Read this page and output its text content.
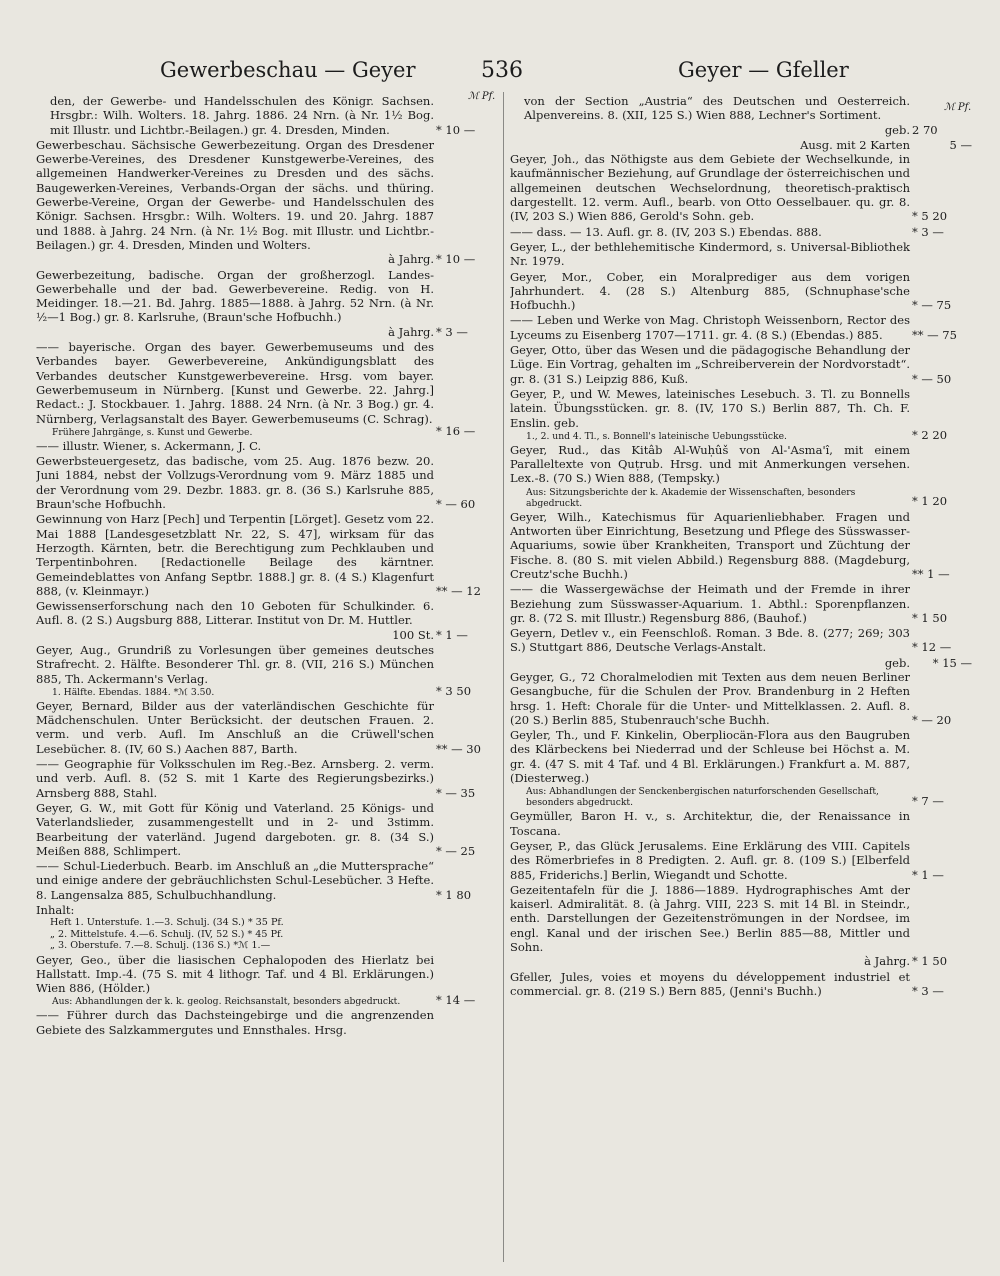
Gewerbeschau — Geyer	536	Geyer — Gfeller
ℳ Pf.
ℳ Pf.
den, der Gewerbe- und Handelsschulen des Königr. Sachsen. Hrsgbr.: Wilh. Wolters. 18. Jahrg. 1886. 24 Nrn. (à Nr. 1½ Bog. mit Illustr. und Lichtbr.-Beilagen.) gr. 4. Dresden, Minden.	* 10 —
Gewerbeschau. Sächsische Gewerbezeitung. Organ des Dresdener Gewerbe-Vereines, des Dresdener Kunstgewerbe-Vereines, des allgemeinen Handwerker-Vereines zu Dresden und des sächs. Baugewerken-Vereines, Verbands-Organ der sächs. und thüring. Gewerbe-Vereine, Organ der Gewerbe- und Handelsschulen des Königr. Sachsen. Hrsgbr.: Wilh. Wolters. 19. und 20. Jahrg. 1887 und 1888. à Jahrg. 24 Nrn. (à Nr. 1½ Bog. mit Illustr. und Lichtbr.-Beilagen.) gr. 4. Dresden, Minden und Wolters.
à Jahrg. * 10 —
Gewerbezeitung, badische. Organ der großherzogl. Landes-Gewerbehalle und der bad. Gewerbevereine. Redig. von H. Meidinger. 18.—21. Bd. Jahrg. 1885—1888. à Jahrg. 52 Nrn. (à Nr. ½—1 Bog.) gr. 8. Karlsruhe, (Braun'sche Hofbuchh.)
à Jahrg. * 3 —
—— bayerische. Organ des bayer. Gewerbemuseums und des Verbandes bayer. Gewerbevereine, Ankündigungsblatt des Verbandes deutscher Kunstgewerbevereine. Hrsg. vom bayer. Gewerbemuseum in Nürnberg. [Kunst und Gewerbe. 22. Jahrg.] Redact.: J. Stockbauer. 1. Jahrg. 1888. 24 Nrn. (à Nr. 3 Bog.) gr. 4. Nürnberg, Verlagsanstalt des Bayer. Gewerbemuseums (C. Schrag).
Frühere Jahrgänge, s. Kunst und Gewerbe.	* 16 —
—— illustr. Wiener, s. Ackermann, J. C.
Gewerbsteuergesetz, das badische, vom 25. Aug. 1876 bezw. 20. Juni 1884, nebst der Vollzugs-Verordnung vom 9. März 1885 und der Verordnung vom 29. Dezbr. 1883. gr. 8. (36 S.) Karlsruhe 885, Braun'sche Hofbuchh.	* — 60
Gewinnung von Harz [Pech] und Terpentin [Lörget]. Gesetz vom 22. Mai 1888 [Landesgesetzblatt Nr. 22, S. 47], wirksam für das Herzogth. Kärnten, betr. die Berechtigung zum Pechklauben und Terpentinbohren. [Redactionelle Beilage des kärntner. Gemeindeblattes von Anfang Septbr. 1888.] gr. 8. (4 S.) Klagenfurt 888, (v. Kleinmayr.)	** — 12
Gewissenserforschung nach den 10 Geboten für Schulkinder. 6. Aufl. 8. (2 S.) Augsburg 888, Litterar. Institut von Dr. M. Huttler.
100 St. * 1 —
Geyer, Aug., Grundriß zu Vorlesungen über gemeines deutsches Strafrecht. 2. Hälfte. Besonderer Thl. gr. 8. (VII, 216 S.) München 885, Th. Ackermann's Verlag.
1. Hälfte. Ebendas. 1884. *ℳ 3.50.	* 3 50
Geyer, Bernard, Bilder aus der vaterländischen Geschichte für Mädchenschulen. Unter Berücksicht. der deutschen Frauen. 2. verm. und verb. Aufl. Im Anschluß an die Crüwell'schen Lesebücher. 8. (IV, 60 S.) Aachen 887, Barth.	** — 30
—— Geographie für Volksschulen im Reg.-Bez. Arnsberg. 2. verm. und verb. Aufl. 8. (52 S. mit 1 Karte des Regierungsbezirks.) Arnsberg 888, Stahl.	* — 35
Geyer, G. W., mit Gott für König und Vaterland. 25 Königs- und Vaterlandslieder, zusammengestellt und in 2- und 3stimm. Bearbeitung der vaterländ. Jugend dargeboten. gr. 8. (34 S.) Meißen 888, Schlimpert.	* — 25
—— Schul-Liederbuch. Bearb. im Anschluß an „die Muttersprache“ und einige andere der gebräuchlichsten Schul-Lesebücher. 3 Hefte. 8. Langensalza 885, Schulbuchhandlung.	* 1 80
Inhalt:
Heft 1. Unterstufe. 1.—3. Schulj. (34 S.) * 35 Pf.
„ 2. Mittelstufe. 4.—6. Schulj. (IV, 52 S.) * 45 Pf.
„ 3. Oberstufe. 7.—8. Schulj. (136 S.) *ℳ 1.—
Geyer, Geo., über die liasischen Cephalopoden des Hierlatz bei Hallstatt. Imp.-4. (75 S. mit 4 lithogr. Taf. und 4 Bl. Erklärungen.) Wien 886, (Hölder.)
Aus: Abhandlungen der k. k. geolog. Reichsanstalt, besonders abgedruckt.	* 14 —
—— Führer durch das Dachsteingebirge und die angrenzenden Gebiete des Salzkammergutes und Ennsthales. Hrsg.
von der Section „Austria“ des Deutschen und Oesterreich. Alpenvereins. 8. (XII, 125 S.) Wien 888, Lechner's Sortiment.
geb. 2 70
Ausg. mit 2 Karten	5 —
Geyer, Joh., das Nöthigste aus dem Gebiete der Wechselkunde, in kaufmännischer Beziehung, auf Grundlage der österreichischen und allgemeinen deutschen Wechselordnung, theoretisch-praktisch dargestellt. 12. verm. Aufl., bearb. von Otto Oesselbauer. qu. gr. 8. (IV, 203 S.) Wien 886, Gerold's Sohn. geb.	* 5 20
—— dass. — 13. Aufl. gr. 8. (IV, 203 S.) Ebendas. 888.	* 3 —
Geyer, L., der bethlehemitische Kindermord, s. Universal-Bibliothek Nr. 1979.
Geyer, Mor., Cober, ein Moralprediger aus dem vorigen Jahrhundert. 4. (28 S.) Altenburg 885, (Schnuphase'sche Hofbuchh.)	* — 75
—— Leben und Werke von Mag. Christoph Weissenborn, Rector des Lyceums zu Eisenberg 1707—1711. gr. 4. (8 S.) (Ebendas.) 885.	** — 75
Geyer, Otto, über das Wesen und die pädagogische Behandlung der Lüge. Ein Vortrag, gehalten im „Schreiberverein der Nordvorstadt“. gr. 8. (31 S.) Leipzig 886, Kuß.	* — 50
Geyer, P., und W. Mewes, lateinisches Lesebuch. 3. Tl. zu Bonnells latein. Übungsstücken. gr. 8. (IV, 170 S.) Berlin 887, Th. Ch. F. Enslin. geb.
1., 2. und 4. Tl., s. Bonnell's lateinische Uebungsstücke.	* 2 20
Geyer, Rud., das Kitâb Al-Wuḥûš von Al-'Asma'î, mit einem Paralleltexte von Quṭrub. Hrsg. und mit Anmerkungen versehen. Lex.-8. (70 S.) Wien 888, (Tempsky.)
Aus: Sitzungsberichte der k. Akademie der Wissenschaften, besonders abgedruckt.	* 1 20
Geyer, Wilh., Katechismus für Aquarienliebhaber. Fragen und Antworten über Einrichtung, Besetzung und Pflege des Süsswasser-Aquariums, sowie über Krankheiten, Transport und Züchtung der Fische. 8. (80 S. mit vielen Abbild.) Regensburg 888. (Magdeburg, Creutz'sche Buchh.)	** 1 —
—— die Wassergewächse der Heimath und der Fremde in ihrer Beziehung zum Süsswasser-Aquarium. 1. Abthl.: Sporenpflanzen. gr. 8. (72 S. mit Illustr.) Regensburg 886, (Bauhof.)	* 1 50
Geyern, Detlev v., ein Feenschloß. Roman. 3 Bde. 8. (277; 269; 303 S.) Stuttgart 886, Deutsche Verlags-Anstalt.	* 12 —
geb.	* 15 —
Geyger, G., 72 Choralmelodien mit Texten aus dem neuen Berliner Gesangbuche, für die Schulen der Prov. Brandenburg in 2 Heften hrsg. 1. Heft: Chorale für die Unter- und Mittelklassen. 2. Aufl. 8. (20 S.) Berlin 885, Stubenrauch'sche Buchh.	* — 20
Geyler, Th., und F. Kinkelin, Oberpliocän-Flora aus den Baugruben des Klärbeckens bei Niederrad und der Schleuse bei Höchst a. M. gr. 4. (47 S. mit 4 Taf. und 4 Bl. Erklärungen.) Frankfurt a. M. 887, (Diesterweg.)
Aus: Abhandlungen der Senckenbergischen naturforschenden Gesellschaft, besonders abgedruckt.	* 7 —
Geymüller, Baron H. v., s. Architektur, die, der Renaissance in Toscana.
Geyser, P., das Glück Jerusalems. Eine Erklärung des VIII. Capitels des Römerbriefes in 8 Predigten. 2. Aufl. gr. 8. (109 S.) [Elberfeld 885, Friderichs.] Berlin, Wiegandt und Schotte.	* 1 —
Gezeitentafeln für die J. 1886—1889. Hydrographisches Amt der kaiserl. Admiralität. 8. (à Jahrg. VIII, 223 S. mit 14 Bl. in Steindr., enth. Darstellungen der Gezeitenströmungen in der Nordsee, im engl. Kanal und der irischen See.) Berlin 885—88, Mittler und Sohn.
à Jahrg. * 1 50
Gfeller, Jules, voies et moyens du développement industriel et commercial. gr. 8. (219 S.) Bern 885, (Jenni's Buchh.)	* 3 —
